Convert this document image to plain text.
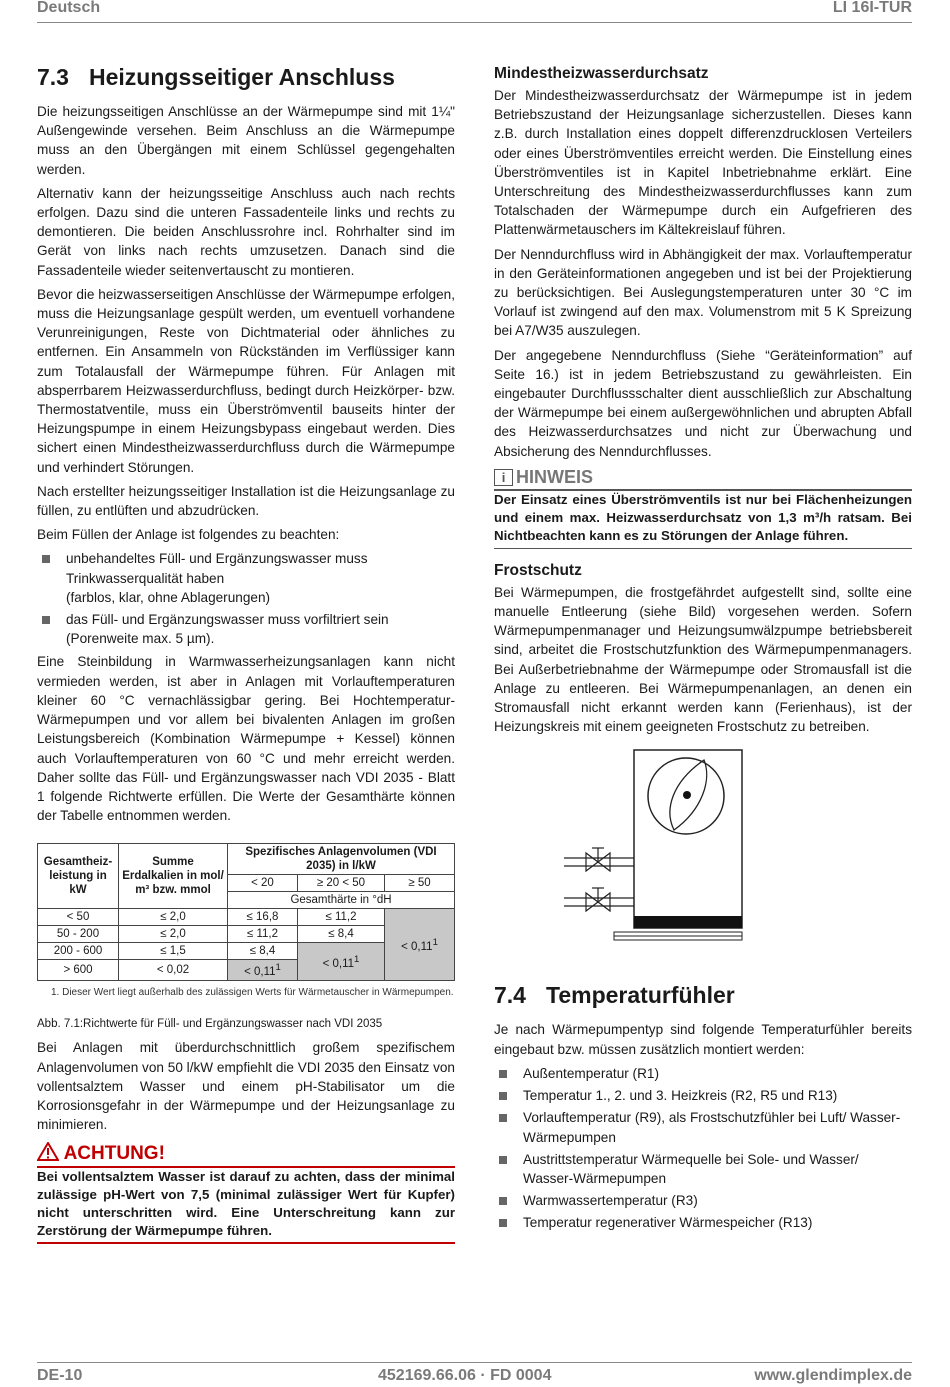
Deutsch	LI 16I-TUR
7.3 Heizungsseitiger Anschluss

Die heizungsseitigen Anschlüsse an der Wärmepumpe sind mit 1¼" Außengewinde versehen. Beim Anschluss an die Wärmepumpe muss an den Übergängen mit einem Schlüssel gegengehalten werden.

Alternativ kann der heizungsseitige Anschluss auch nach rechts erfolgen. Dazu sind die unteren Fassadenteile links und rechts zu demontieren. Die beiden Anschlussrohre incl. Rohrhalter sind im Gerät von links nach rechts umzusetzen. Danach sind die Fassadenteile wieder seitenvertauscht zu montieren.

Bevor die heizwasserseitigen Anschlüsse der Wärmepumpe erfolgen, muss die Heizungsanlage gespült werden, um eventuell vorhandene Verunreinigungen, Reste von Dichtmaterial oder ähnliches zu entfernen. Ein Ansammeln von Rückständen im Verflüssiger kann zum Totalausfall der Wärmepumpe führen. Für Anlagen mit absperrbarem Heizwasserdurchfluss, bedingt durch Heizkörper- bzw. Thermostatventile, muss ein Überströmventil bauseits hinter der Heizungspumpe in einem Heizungsbypass eingebaut werden. Dies sichert einen Mindestheizwasserdurchfluss durch die Wärmepumpe und verhindert Störungen.

Nach erstellter heizungsseitiger Installation ist die Heizungsanlage zu füllen, zu entlüften und abzudrücken.

Beim Füllen der Anlage ist folgendes zu beachten:

unbehandeltes Füll- und Ergänzungswasser muss Trinkwasserqualität haben
(farblos, klar, ohne Ablagerungen)
das Füll- und Ergänzungswasser muss vorfiltriert sein (Porenweite max. 5 µm).

Eine Steinbildung in Warmwasserheizungsanlagen kann nicht vermieden werden, ist aber in Anlagen mit Vorlauftemperaturen kleiner 60 °C vernachlässigbar gering. Bei Hochtemperatur-Wärmepumpen und vor allem bei bivalenten Anlagen im großen Leistungsbereich (Kombination Wärmepumpe + Kessel) können auch Vorlauftemperaturen von 60 °C und mehr erreicht werden. Daher sollte das Füll- und Ergänzungswasser nach VDI 2035 - Blatt 1 folgende Richtwerte erfüllen. Die Werte der Gesamthärte können der Tabelle entnommen werden.

Gesamtheiz-leistung in kW	Summe Erdalkalien in mol/ m³ bzw. mmol	Spezifisches Anlagenvolumen (VDI 2035) in l/kW		
		< 20	≥ 20 < 50	≥ 50
		Gesamthärte in °dH		
< 50	≤ 2,0	≤ 16,8	≤ 11,2	< $0,11^1$
50 - 200	≤ 2,0	≤ 11,2	≤ 8,4	
200 - 600	≤ 1,5	≤ 8,4	< $0,11^1$
> 600	< 0,02	< $0,11^1$
1. Dieser Wert liegt außerhalb des zulässigen Werts für Wärmetauscher in Wärmepumpen.
Abb. 7.1:Richtwerte für Füll- und Ergänzungswasser nach VDI 2035

Bei Anlagen mit überdurchschnittlich großem spezifischem Anlagenvolumen von 50 l/kW empfiehlt die VDI 2035 den Einsatz von vollentsalztem Wasser und einem pH-Stabilisator um die Korrosionsgefahr in der Wärmepumpe und der Heizungsanlage zu minimieren.

ACHTUNG!
Bei vollentsalztem Wasser ist darauf zu achten, dass der minimal zulässige pH-Wert von 7,5 (minimal zulässiger Wert für Kupfer) nicht unterschritten wird. Eine Unterschreitung kann zur Zerstörung der Wärmepumpe führen.
Mindestheizwasserdurchsatz

Der Mindestheizwasserdurchsatz der Wärmepumpe ist in jedem Betriebszustand der Heizungsanlage sicherzustellen. Dieses kann z.B. durch Installation eines doppelt differenzdrucklosen Verteilers oder eines Überströmventiles erreicht werden. Die Einstellung eines Überströmventiles ist in Kapitel Inbetriebnahme erklärt. Eine Unterschreitung des Mindestheizwasserdurchflusses kann zum Totalschaden der Wärmepumpe durch ein Aufgefrieren des Plattenwärmetauschers im Kältekreislauf führen.

Der Nenndurchfluss wird in Abhängigkeit der max. Vorlauftemperatur in den Geräteinformationen angegeben und ist bei der Projektierung zu berücksichtigen. Bei Auslegungstemperaturen unter 30 °C im Vorlauf ist zwingend auf den max. Volumenstrom mit 5 K Spreizung bei A7/W35 auszulegen.

Der angegebene Nenndurchfluss (Siehe “Geräteinformation” auf Seite 16.) ist in jedem Betriebszustand zu gewährleisten. Ein eingebauter Durchflussschalter dient ausschließlich zur Abschaltung der Wärmepumpe bei einem außergewöhnlichen und abrupten Abfall des Heizwasserdurchsatzes und nicht zur Überwachung und Absicherung des Nenndurchflusses.

i HINWEIS
Der Einsatz eines Überströmventils ist nur bei Flächenheizungen und einem max. Heizwasserdurchsatz von 1,3 m³/h ratsam. Bei Nichtbeachten kann es zu Störungen der Anlage führen.
Frostschutz

Bei Wärmepumpen, die frostgefährdet aufgestellt sind, sollte eine manuelle Entleerung (siehe Bild) vorgesehen werden. Sofern Wärmepumpenmanager und Heizungsumwälzpumpe betriebsbereit sind, arbeitet die Frostschutzfunktion des Wärmepumpenmanagers. Bei Außerbetriebnahme der Wärmepumpe oder Stromausfall ist die Anlage zu entleeren. Bei Wärmepumpenanlagen, an denen ein Stromausfall nicht erkannt werden kann (Ferienhaus), ist der Heizungskreis mit einem geeigneten Frostschutz zu betreiben.

7.4 Temperaturfühler

Je nach Wärmepumpentyp sind folgende Temperaturfühler bereits eingebaut bzw. müssen zusätzlich montiert werden:

Außentemperatur (R1)
Temperatur 1., 2. und 3. Heizkreis (R2, R5 und R13)
Vorlauftemperatur (R9), als Frostschutzfühler bei Luft/ Wasser-Wärmepumpen
Austrittstemperatur Wärmequelle bei Sole- und Wasser/ Wasser-Wärmepumpen
Warmwassertemperatur (R3)
Temperatur regenerativer Wärmespeicher (R13)
DE-10	452169.66.06 · FD 0004	www.glendimplex.de
